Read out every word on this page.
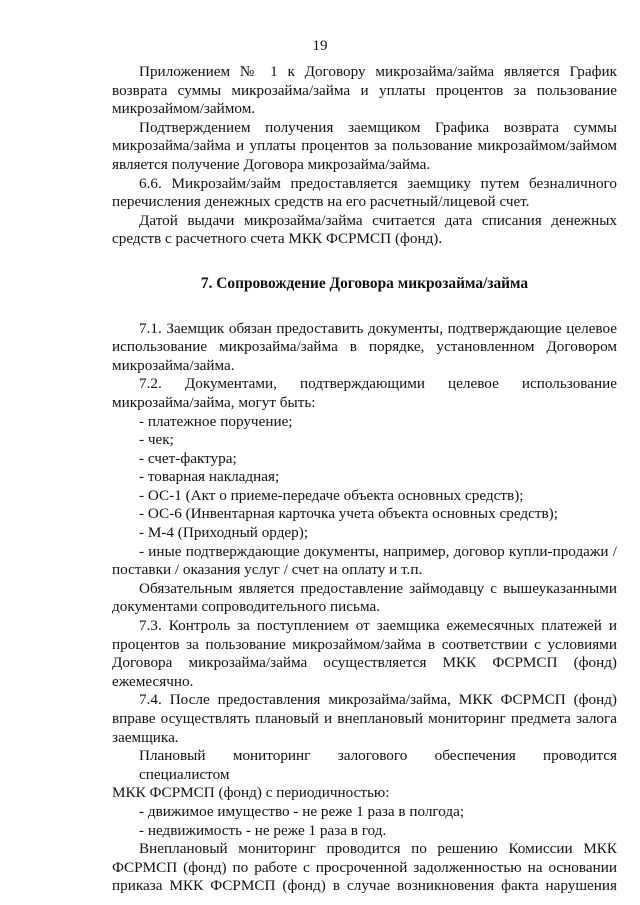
19
Приложением № 1 к Договору микрозайма/займа является График
возврата суммы микрозайма/займа и уплаты процентов за пользование
микрозаймом/займом.
Подтверждением получения заемщиком Графика возврата суммы
микрозайма/займа и уплаты процентов за пользование микрозаймом/займом
является получение Договора микрозайма/займа.
6.6. Микрозайм/займ предоставляется заемщику путем безналичного
перечисления денежных средств на его расчетный/лицевой счет.
Датой выдачи микрозайма/займа считается дата списания денежных
средств с расчетного счета МКК ФСРМСП (фонд).
7. Сопровождение Договора микрозайма/займа
7.1. Заемщик обязан предоставить документы, подтверждающие целевое
использование микрозайма/займа в порядке, установленном Договором
микрозайма/займа.
7.2. Документами, подтверждающими целевое использование
микрозайма/займа, могут быть:
- платежное поручение;
- чек;
- счет-фактура;
- товарная накладная;
- ОС-1 (Акт о приеме-передаче объекта основных средств);
- ОС-6 (Инвентарная карточка учета объекта основных средств);
- М-4 (Приходный ордер);
- иные подтверждающие документы, например, договор купли-продажи /
поставки / оказания услуг / счет на оплату и т.п.
Обязательным является предоставление займодавцу с вышеуказанными
документами сопроводительного письма.
7.3. Контроль за поступлением от заемщика ежемесячных платежей и
процентов за пользование микрозаймом/займа в соответствии с условиями
Договора микрозайма/займа осуществляется МКК ФСРМСП (фонд)
ежемесячно.
7.4. После предоставления микрозайма/займа, МКК ФСРМСП (фонд)
вправе осуществлять плановый и внеплановый мониторинг предмета залога
заемщика.
Плановый мониторинг залогового обеспечения проводится специалистом
МКК ФСРМСП (фонд) с периодичностью:
- движимое имущество - не реже 1 раза в полгода;
- недвижимость - не реже 1 раза в год.
Внеплановый мониторинг проводится по решению Комиссии МКК
ФСРМСП (фонд) по работе с просроченной задолженностью на основании
приказа МКК ФСРМСП (фонд) в случае возникновения факта нарушения
